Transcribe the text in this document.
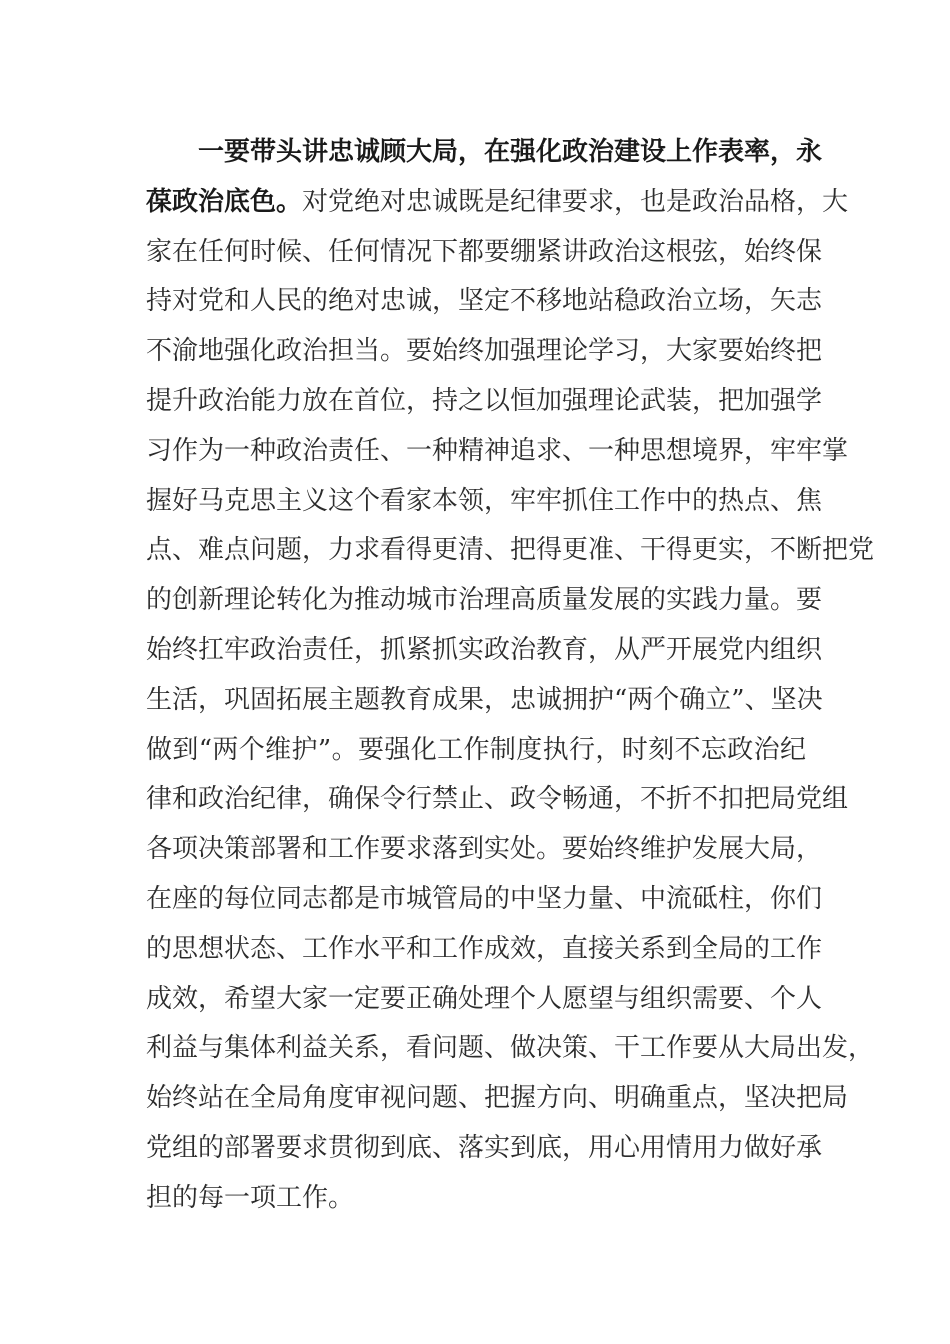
一要带头讲忠诚顾大局，在强化政治建设上作表率，永
葆政治底色。对党绝对忠诚既是纪律要求，也是政治品格，大
家在任何时候、任何情况下都要绷紧讲政治这根弦，始终保
持对党和人民的绝对忠诚，坚定不移地站稳政治立场，矢志
不渝地强化政治担当。要始终加强理论学习，大家要始终把
提升政治能力放在首位，持之以恒加强理论武装，把加强学
习作为一种政治责任、一种精神追求、一种思想境界，牢牢掌
握好马克思主义这个看家本领，牢牢抓住工作中的热点、焦
点、难点问题，力求看得更清、把得更准、干得更实，不断把党
的创新理论转化为推动城市治理高质量发展的实践力量。要
始终扛牢政治责任，抓紧抓实政治教育，从严开展党内组织
生活，巩固拓展主题教育成果，忠诚拥护“两个确立”、坚决
做到“两个维护”。要强化工作制度执行，时刻不忘政治纪
律和政治纪律，确保令行禁止、政令畅通，不折不扣把局党组
各项决策部署和工作要求落到实处。要始终维护发展大局，
在座的每位同志都是市城管局的中坚力量、中流砥柱，你们
的思想状态、工作水平和工作成效，直接关系到全局的工作
成效，希望大家一定要正确处理个人愿望与组织需要、个人
利益与集体利益关系，看问题、做决策、干工作要从大局出发，
始终站在全局角度审视问题、把握方向、明确重点，坚决把局
党组的部署要求贯彻到底、落实到底，用心用情用力做好承
担的每一项工作。
